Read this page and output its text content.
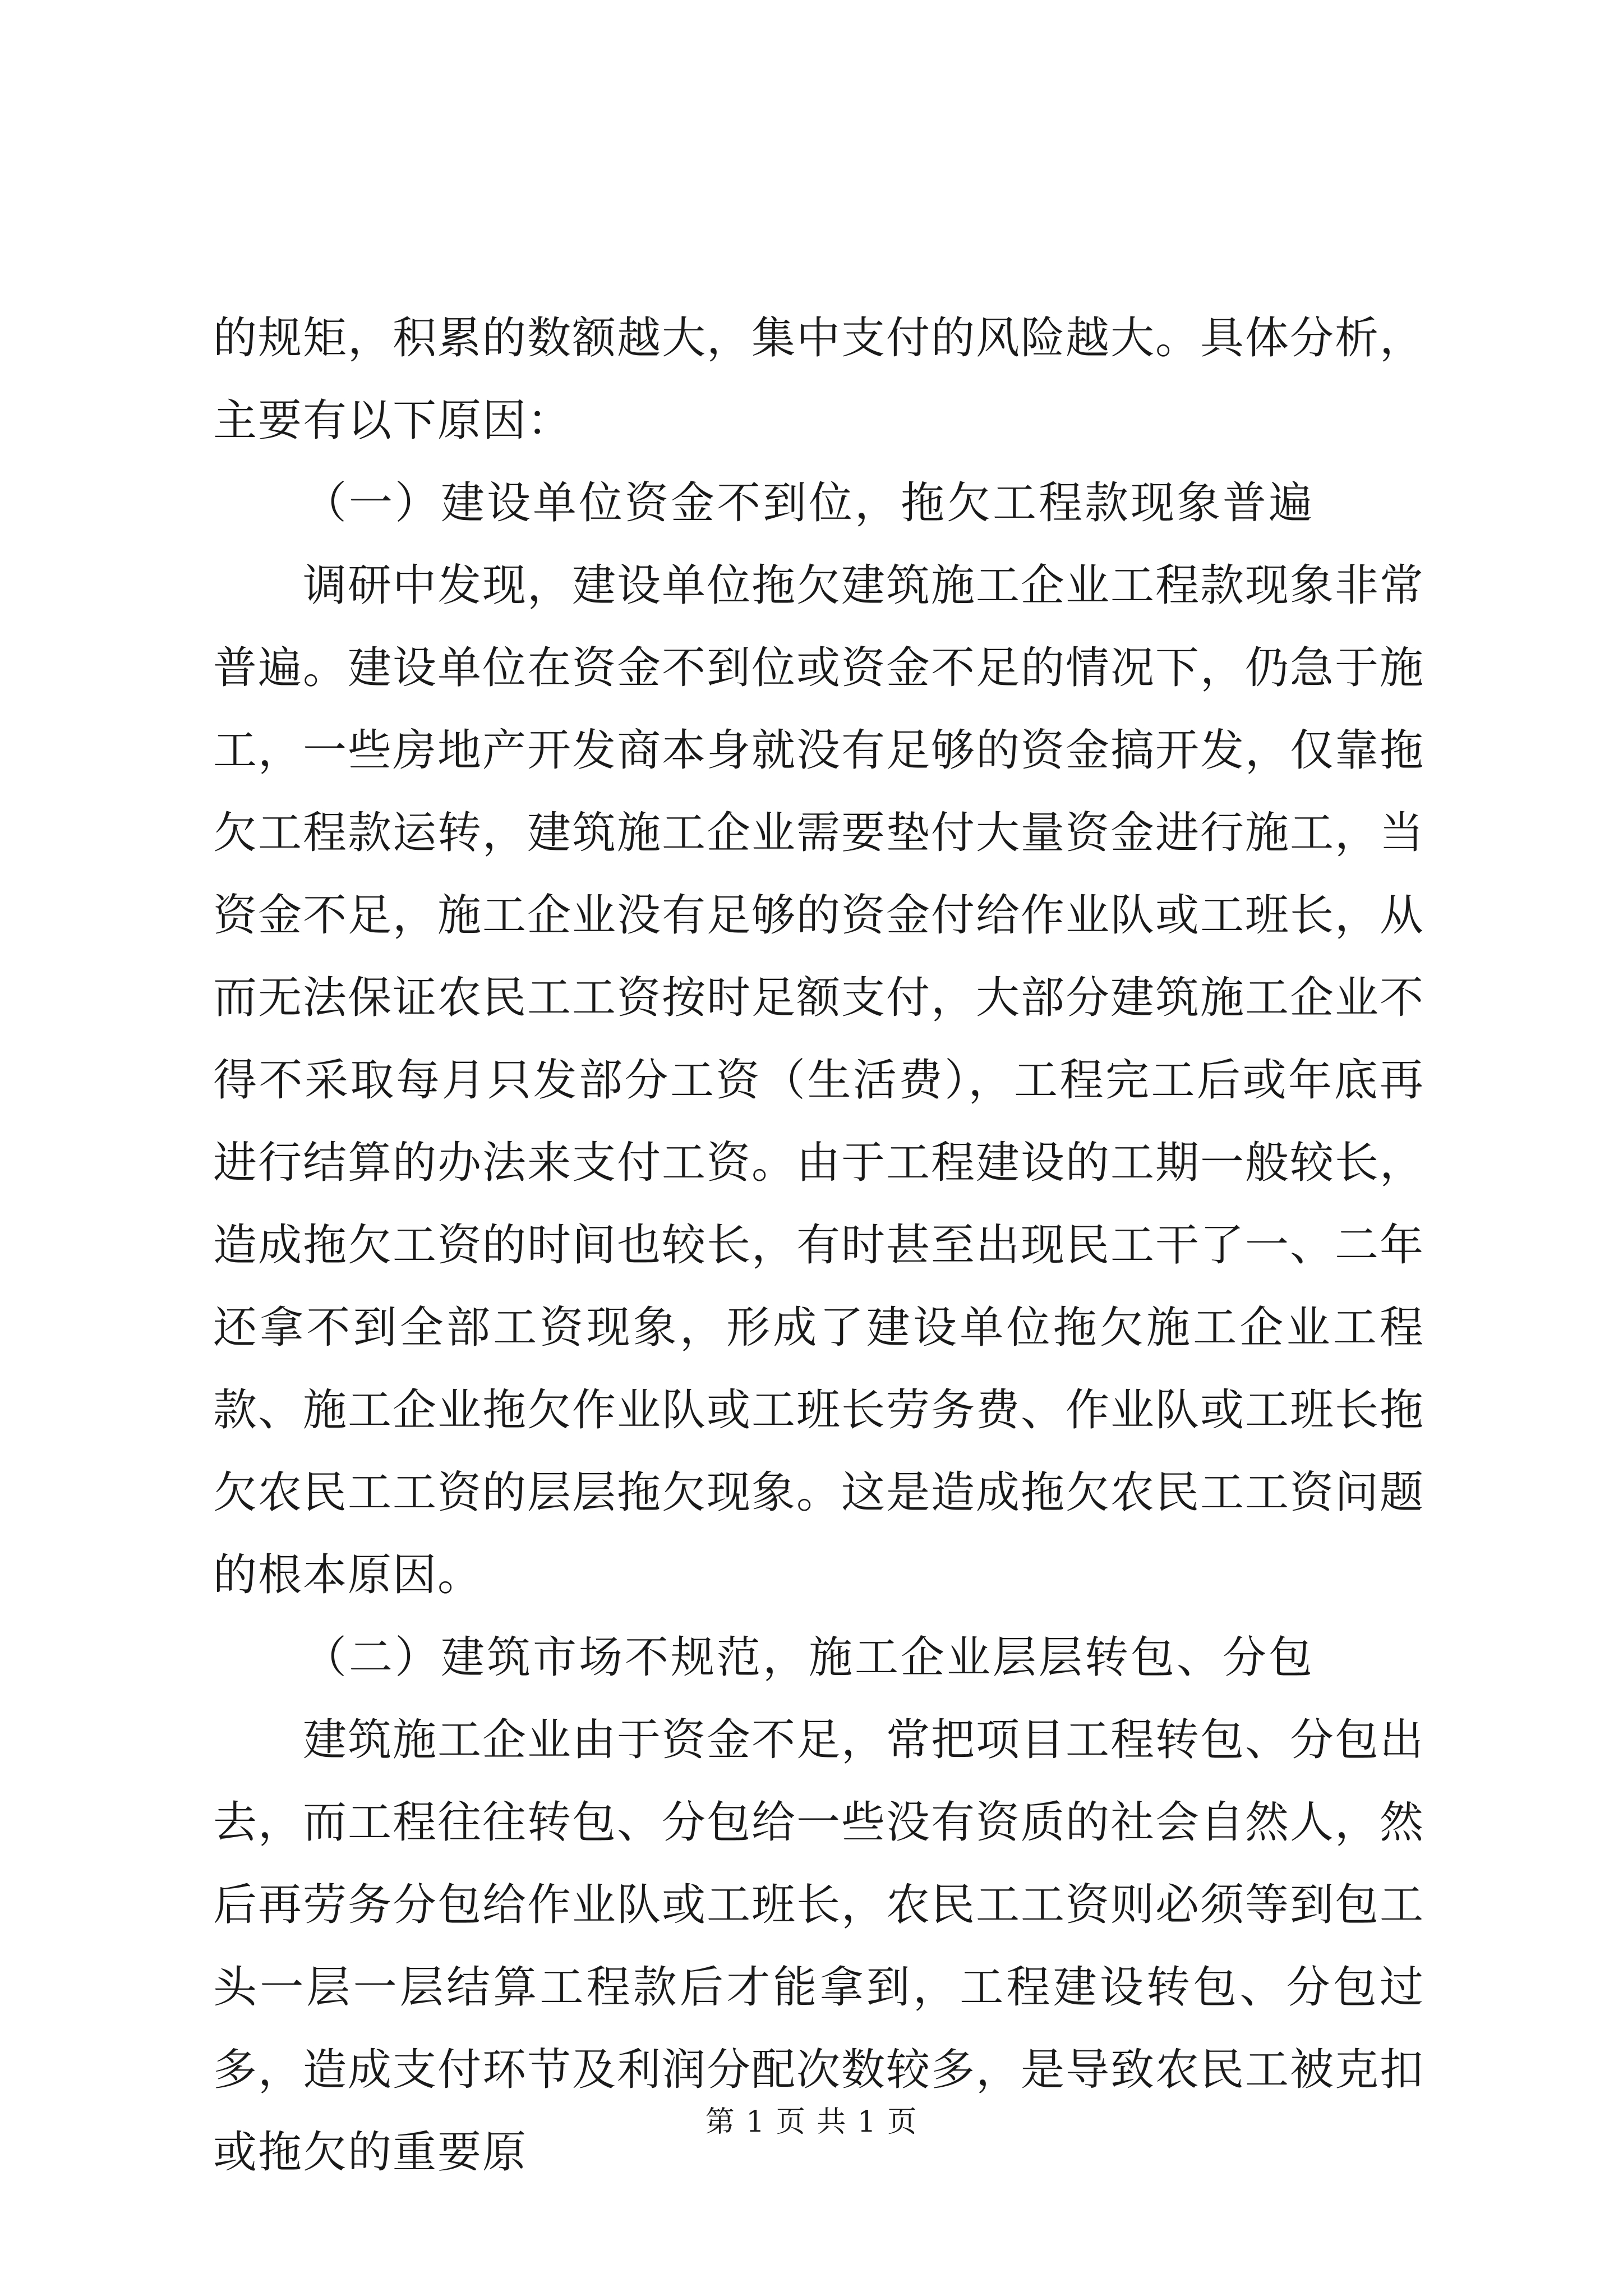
的规矩，积累的数额越大，集中支付的风险越大。具体分析，主要有以下原因：

（一）建设单位资金不到位，拖欠工程款现象普遍

调研中发现，建设单位拖欠建筑施工企业工程款现象非常普遍。建设单位在资金不到位或资金不足的情况下，仍急于施工，一些房地产开发商本身就没有足够的资金搞开发，仅靠拖欠工程款运转，建筑施工企业需要垫付大量资金进行施工，当资金不足，施工企业没有足够的资金付给作业队或工班长，从而无法保证农民工工资按时足额支付，大部分建筑施工企业不得不采取每月只发部分工资（生活费），工程完工后或年底再进行结算的办法来支付工资。由于工程建设的工期一般较长，造成拖欠工资的时间也较长，有时甚至出现民工干了一、二年还拿不到全部工资现象，形成了建设单位拖欠施工企业工程款、施工企业拖欠作业队或工班长劳务费、作业队或工班长拖欠农民工工资的层层拖欠现象。这是造成拖欠农民工工资问题的根本原因。

（二）建筑市场不规范，施工企业层层转包、分包

建筑施工企业由于资金不足，常把项目工程转包、分包出去，而工程往往转包、分包给一些没有资质的社会自然人，然后再劳务分包给作业队或工班长，农民工工资则必须等到包工头一层一层结算工程款后才能拿到，工程建设转包、分包过多，造成支付环节及利润分配次数较多，是导致农民工被克扣或拖欠的重要原

第 1 页 共 1 页
